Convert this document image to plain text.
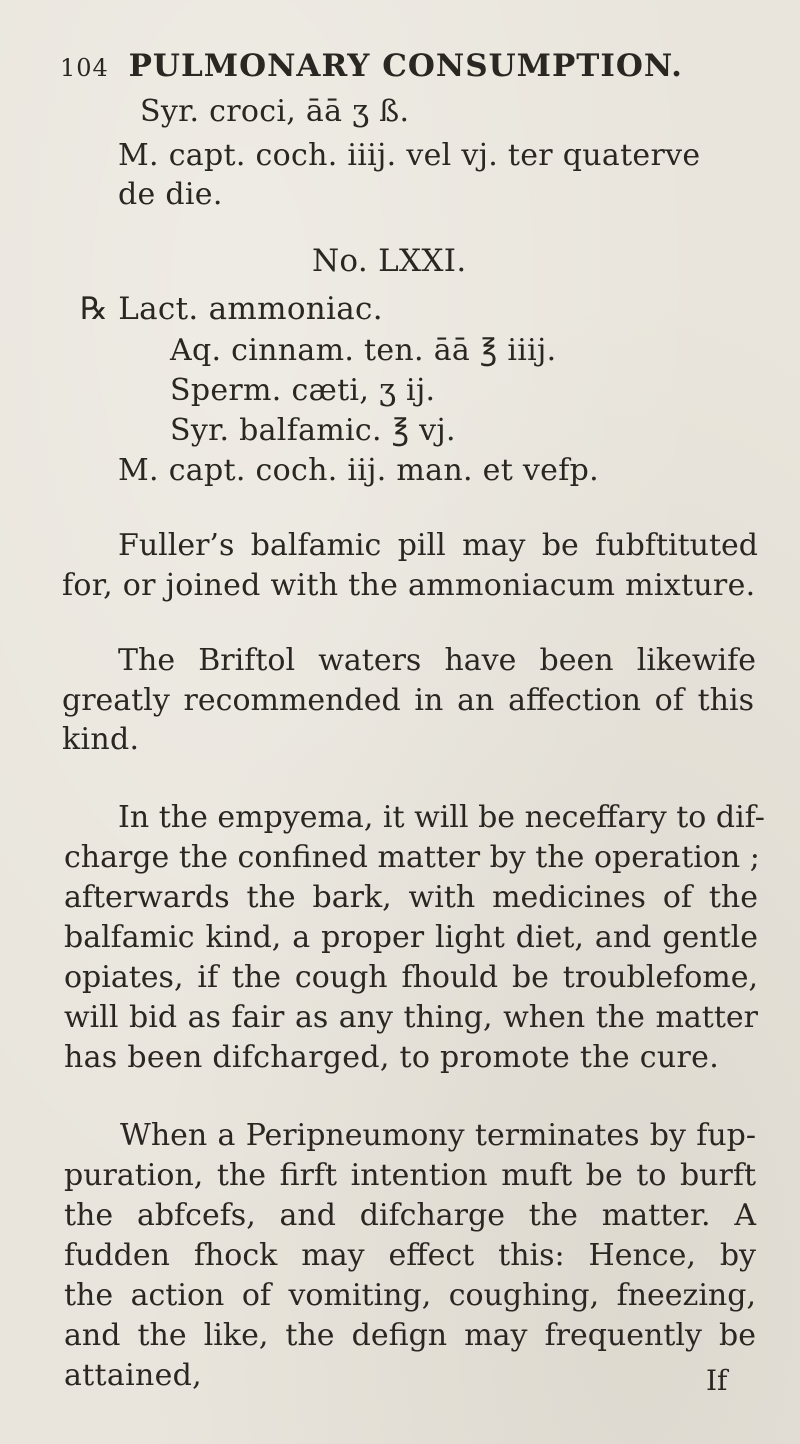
104 PULMONARY CONSUMPTION.
Syr. croci, āā ʒ ß.
M. capt. coch. iiij. vel vj. ter quaterve
de die.
No. LXXI.
℞ Lact. ammoniac.
Aq. cinnam. ten. āā ℥ iiij.
Sperm. cæti, ʒ ij.
Syr. balfamic. ℥ vj.
M. capt. coch. iij. man. et vefp.
Fuller’s balfamic pill may be fubftituted
for, or joined with the ammoniacum mixture.
The Briftol waters have been likewife
greatly recommended in an affection of this
kind.
In the empyema, it will be neceffary to dif-
charge the confined matter by the operation ;
afterwards the bark, with medicines of the
balfamic kind, a proper light diet, and gentle
opiates, if the cough fhould be troublefome,
will bid as fair as any thing, when the matter
has been difcharged, to promote the cure.
When a Peripneumony terminates by fup-
puration, the firft intention muft be to burft
the abfcefs, and difcharge the matter. A
fudden fhock may effect this: Hence, by
the action of vomiting, coughing, fneezing,
and the like, the defign may frequently be
attained,	If
